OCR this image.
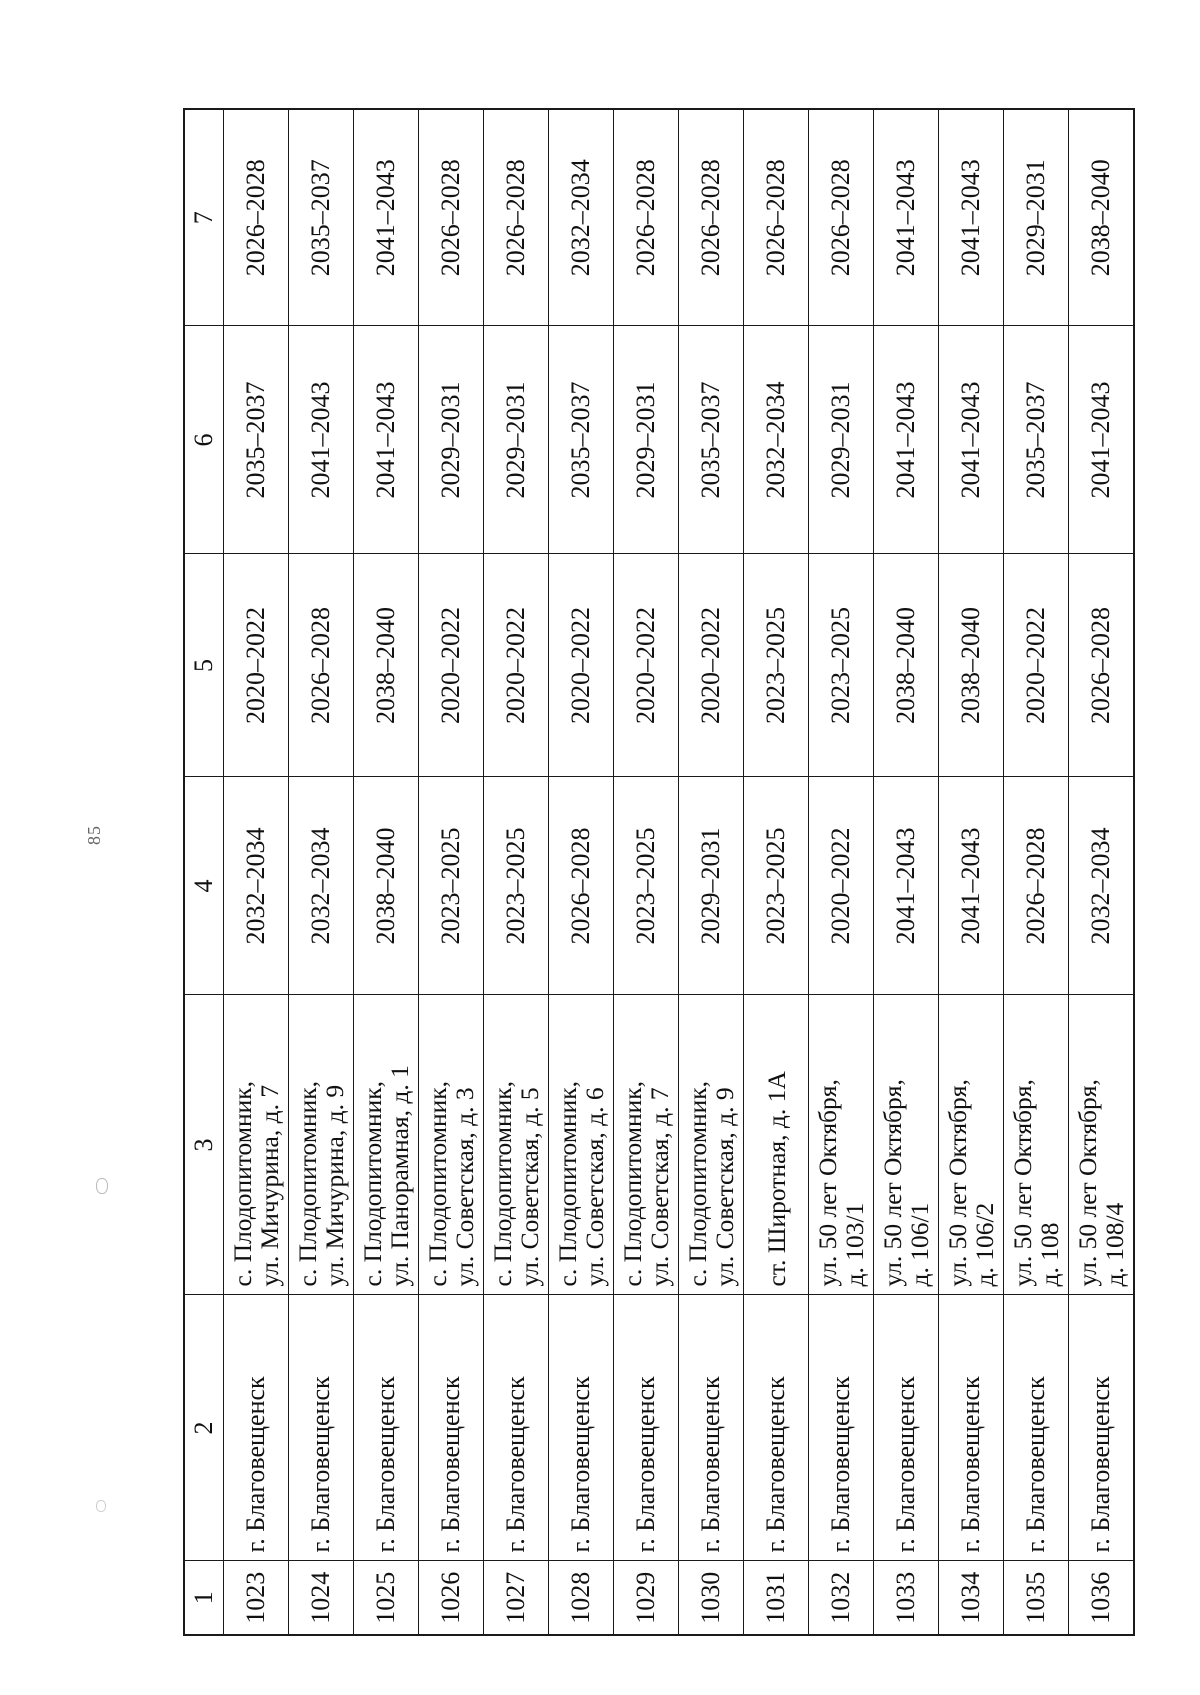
85
1	2	3	4	5	6	7
1023	г. Благовещенск	с. Плодопитомник,
ул. Мичурина, д. 7	2032–2034	2020–2022	2035–2037	2026–2028
1024	г. Благовещенск	с. Плодопитомник,
ул. Мичурина, д. 9	2032–2034	2026–2028	2041–2043	2035–2037
1025	г. Благовещенск	с. Плодопитомник,
ул. Панорамная, д. 1	2038–2040	2038–2040	2041–2043	2041–2043
1026	г. Благовещенск	с. Плодопитомник,
ул. Советская, д. 3	2023–2025	2020–2022	2029–2031	2026–2028
1027	г. Благовещенск	с. Плодопитомник,
ул. Советская, д. 5	2023–2025	2020–2022	2029–2031	2026–2028
1028	г. Благовещенск	с. Плодопитомник,
ул. Советская, д. 6	2026–2028	2020–2022	2035–2037	2032–2034
1029	г. Благовещенск	с. Плодопитомник,
ул. Советская, д. 7	2023–2025	2020–2022	2029–2031	2026–2028
1030	г. Благовещенск	с. Плодопитомник,
ул. Советская, д. 9	2029–2031	2020–2022	2035–2037	2026–2028
1031	г. Благовещенск	ст. Широтная, д. 1А	2023–2025	2023–2025	2032–2034	2026–2028
1032	г. Благовещенск	ул. 50 лет Октября,
д. 103/1	2020–2022	2023–2025	2029–2031	2026–2028
1033	г. Благовещенск	ул. 50 лет Октября,
д. 106/1	2041–2043	2038–2040	2041–2043	2041–2043
1034	г. Благовещенск	ул. 50 лет Октября,
д. 106/2	2041–2043	2038–2040	2041–2043	2041–2043
1035	г. Благовещенск	ул. 50 лет Октября,
д. 108	2026–2028	2020–2022	2035–2037	2029–2031
1036	г. Благовещенск	ул. 50 лет Октября,
д. 108/4	2032–2034	2026–2028	2041–2043	2038–2040
